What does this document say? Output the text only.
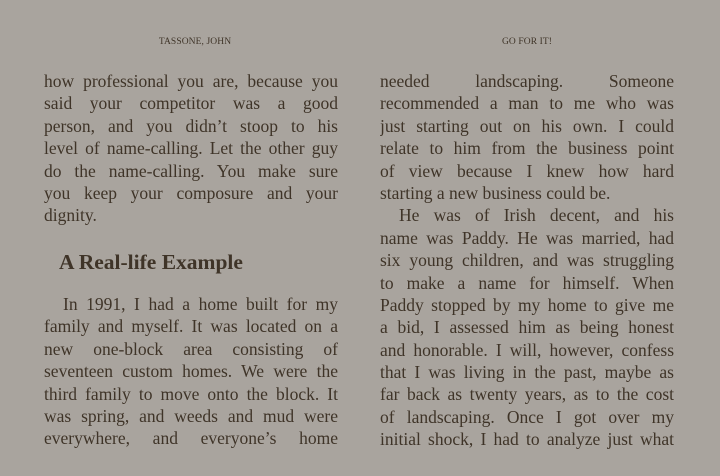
TASSONE, JOHN	GO FOR IT!
how professional you are, because you
said your competitor was a good
person, and you didn’t stoop to his
level of name-calling. Let the other guy
do the name-calling. You make sure
you keep your composure and your
dignity.
A Real-life Example
In 1991, I had a home built for my
family and myself. It was located on a
new one-block area consisting of
seventeen custom homes. We were the
third family to move onto the block. It
was spring, and weeds and mud were
everywhere, and everyone’s home
needed landscaping. Someone
recommended a man to me who was
just starting out on his own. I could
relate to him from the business point
of view because I knew how hard
starting a new business could be.
He was of Irish decent, and his
name was Paddy. He was married, had
six young children, and was struggling
to make a name for himself. When
Paddy stopped by my home to give me
a bid, I assessed him as being honest
and honorable. I will, however, confess
that I was living in the past, maybe as
far back as twenty years, as to the cost
of landscaping. Once I got over my
initial shock, I had to analyze just what
